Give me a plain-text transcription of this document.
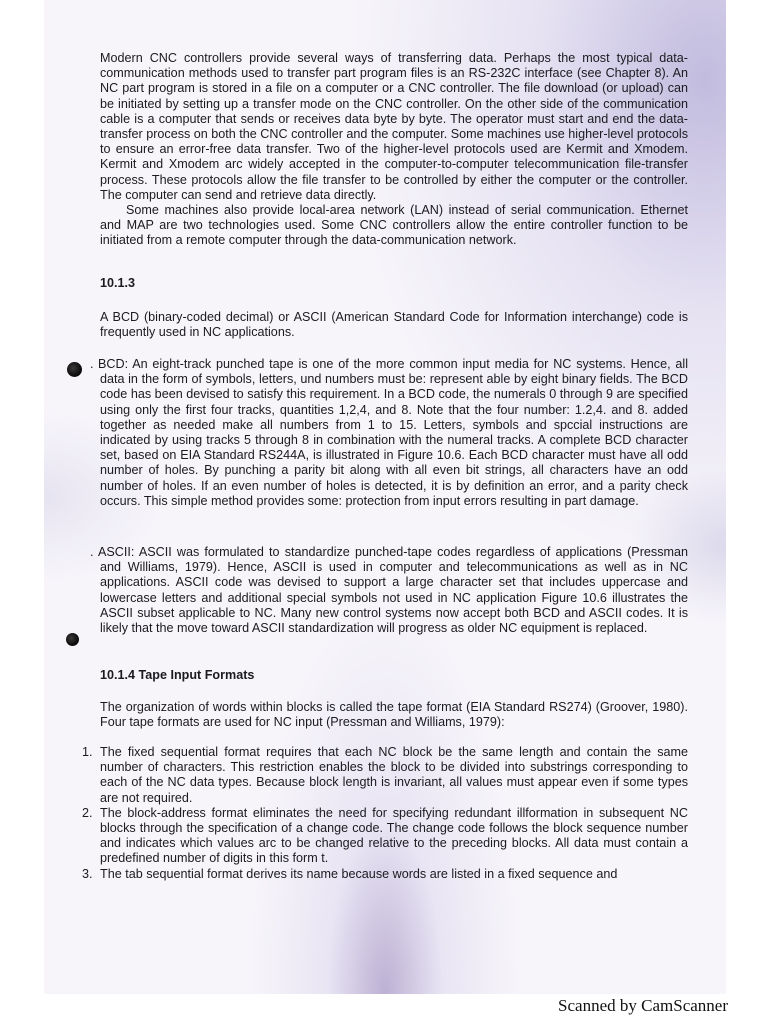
Modern CNC controllers provide several ways of transferring data. Perhaps the most typical data-communication methods used to transfer part program files is an RS-232C interface (see Chapter 8). An NC part program is stored in a file on a computer or a CNC controller. The file download (or upload) can be initiated by setting up a transfer mode on the CNC controller. On the other side of the communication cable is a computer that sends or receives data byte by byte. The operator must start and end the data-transfer process on both the CNC controller and the computer. Some machines use higher-level protocols to ensure an error-free data transfer. Two of the higher-level protocols used are Kermit and Xmodem. Kermit and Xmodem arc widely accepted in the computer-to-computer telecommunication file-transfer process. These protocols allow the file transfer to be controlled by either the computer or the controller. The computer can send and retrieve data directly.

Some machines also provide local-area network (LAN) instead of serial communication. Ethernet and MAP are two technologies used. Some CNC controllers allow the entire controller function to be initiated from a remote computer through the data-communication network.

10.1.3
A BCD (binary-coded decimal) or ASCII (American Standard Code for Information interchange) code is frequently used in NC applications.
. BCD: An eight-track punched tape is one of the more common input media for NC systems. Hence, all data in the form of symbols, letters, und numbers must be: represent able by eight binary fields. The BCD code has been devised to satisfy this requirement. In a BCD code, the numerals 0 through 9 are specified using only the first four tracks, quantities 1,2,4, and 8. Note that the four number: 1.2,4. and 8. added together as needed make all numbers from 1 to 15. Letters, symbols and spccial instructions are indicated by using tracks 5 through 8 in combination with the numeral tracks. A complete BCD character set, based on EIA Standard RS244A, is illustrated in Figure 10.6. Each BCD character must have all odd number of holes. By punching a parity bit along with all even bit strings, all characters have an odd number of holes. If an even number of holes is detected, it is by definition an error, and a parity check occurs. This simple method provides some: protection from input errors resulting in part damage.
. ASCII: ASCII was formulated to standardize punched-tape codes regardless of applications (Pressman and Williams, 1979). Hence, ASCII is used in computer and telecommunications as well as in NC applications. ASCII code was devised to support a large character set that includes uppercase and lowercase letters and additional special symbols not used in NC application Figure 10.6 illustrates the ASCII subset applicable to NC. Many new control systems now accept both BCD and ASCII codes. It is likely that the move toward ASCII standardization will progress as older NC equipment is replaced.
10.1.4 Tape Input Formats
The organization of words within blocks is called the tape format (EIA Standard RS274) (Groover, 1980). Four tape formats are used for NC input (Pressman and Williams, 1979):
1. The fixed sequential format requires that each NC block be the same length and contain the same number of characters. This restriction enables the block to be divided into substrings corresponding to each of the NC data types. Because block length is invariant, all values must appear even if some types are not required.
2. The block-address format eliminates the need for specifying redundant illformation in subsequent NC blocks through the specification of a change code. The change code follows the block sequence number and indicates which values arc to be changed relative to the preceding blocks. All data must contain a predefined number of digits in this form t.
3. The tab sequential format derives its name because words are listed in a fixed sequence and
Scanned by CamScanner
